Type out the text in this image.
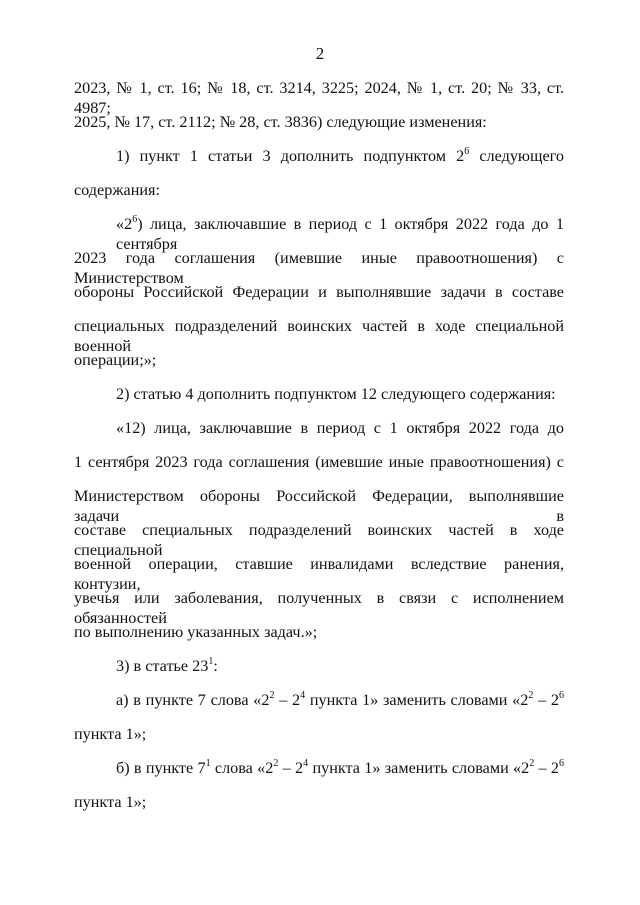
2
2023, № 1, ст. 16; № 18, ст. 3214, 3225; 2024, № 1, ст. 20; № 33, ст. 4987;
2025, № 17, ст. 2112; № 28, ст. 3836) следующие изменения:
1) пункт 1 статьи 3 дополнить подпунктом $2^6$ следующего
содержания:
«$2^6$) лица, заключавшие в период с 1 октября 2022 года до 1 сентября
2023 года соглашения (имевшие иные правоотношения) с Министерством
обороны Российской Федерации и выполнявшие задачи в составе
специальных подразделений воинских частей в ходе специальной военной
операции;»;
2) статью 4 дополнить подпунктом 12 следующего содержания:
«12) лица, заключавшие в период с 1 октября 2022 года до
1 сентября 2023 года соглашения (имевшие иные правоотношения) с
Министерством обороны Российской Федерации, выполнявшие задачи в
составе специальных подразделений воинских частей в ходе специальной
военной операции, ставшие инвалидами вследствие ранения, контузии,
увечья или заболевания, полученных в связи с исполнением обязанностей
по выполнению указанных задач.»;
3) в статье $23^1$:
а) в пункте 7 слова «$2^2 - 2^4$ пункта 1» заменить словами «$2^2 - 2^6$
пункта 1»;
б) в пункте $7^1$ слова «$2^2 - 2^4$ пункта 1» заменить словами «$2^2 - 2^6$
пункта 1»;
